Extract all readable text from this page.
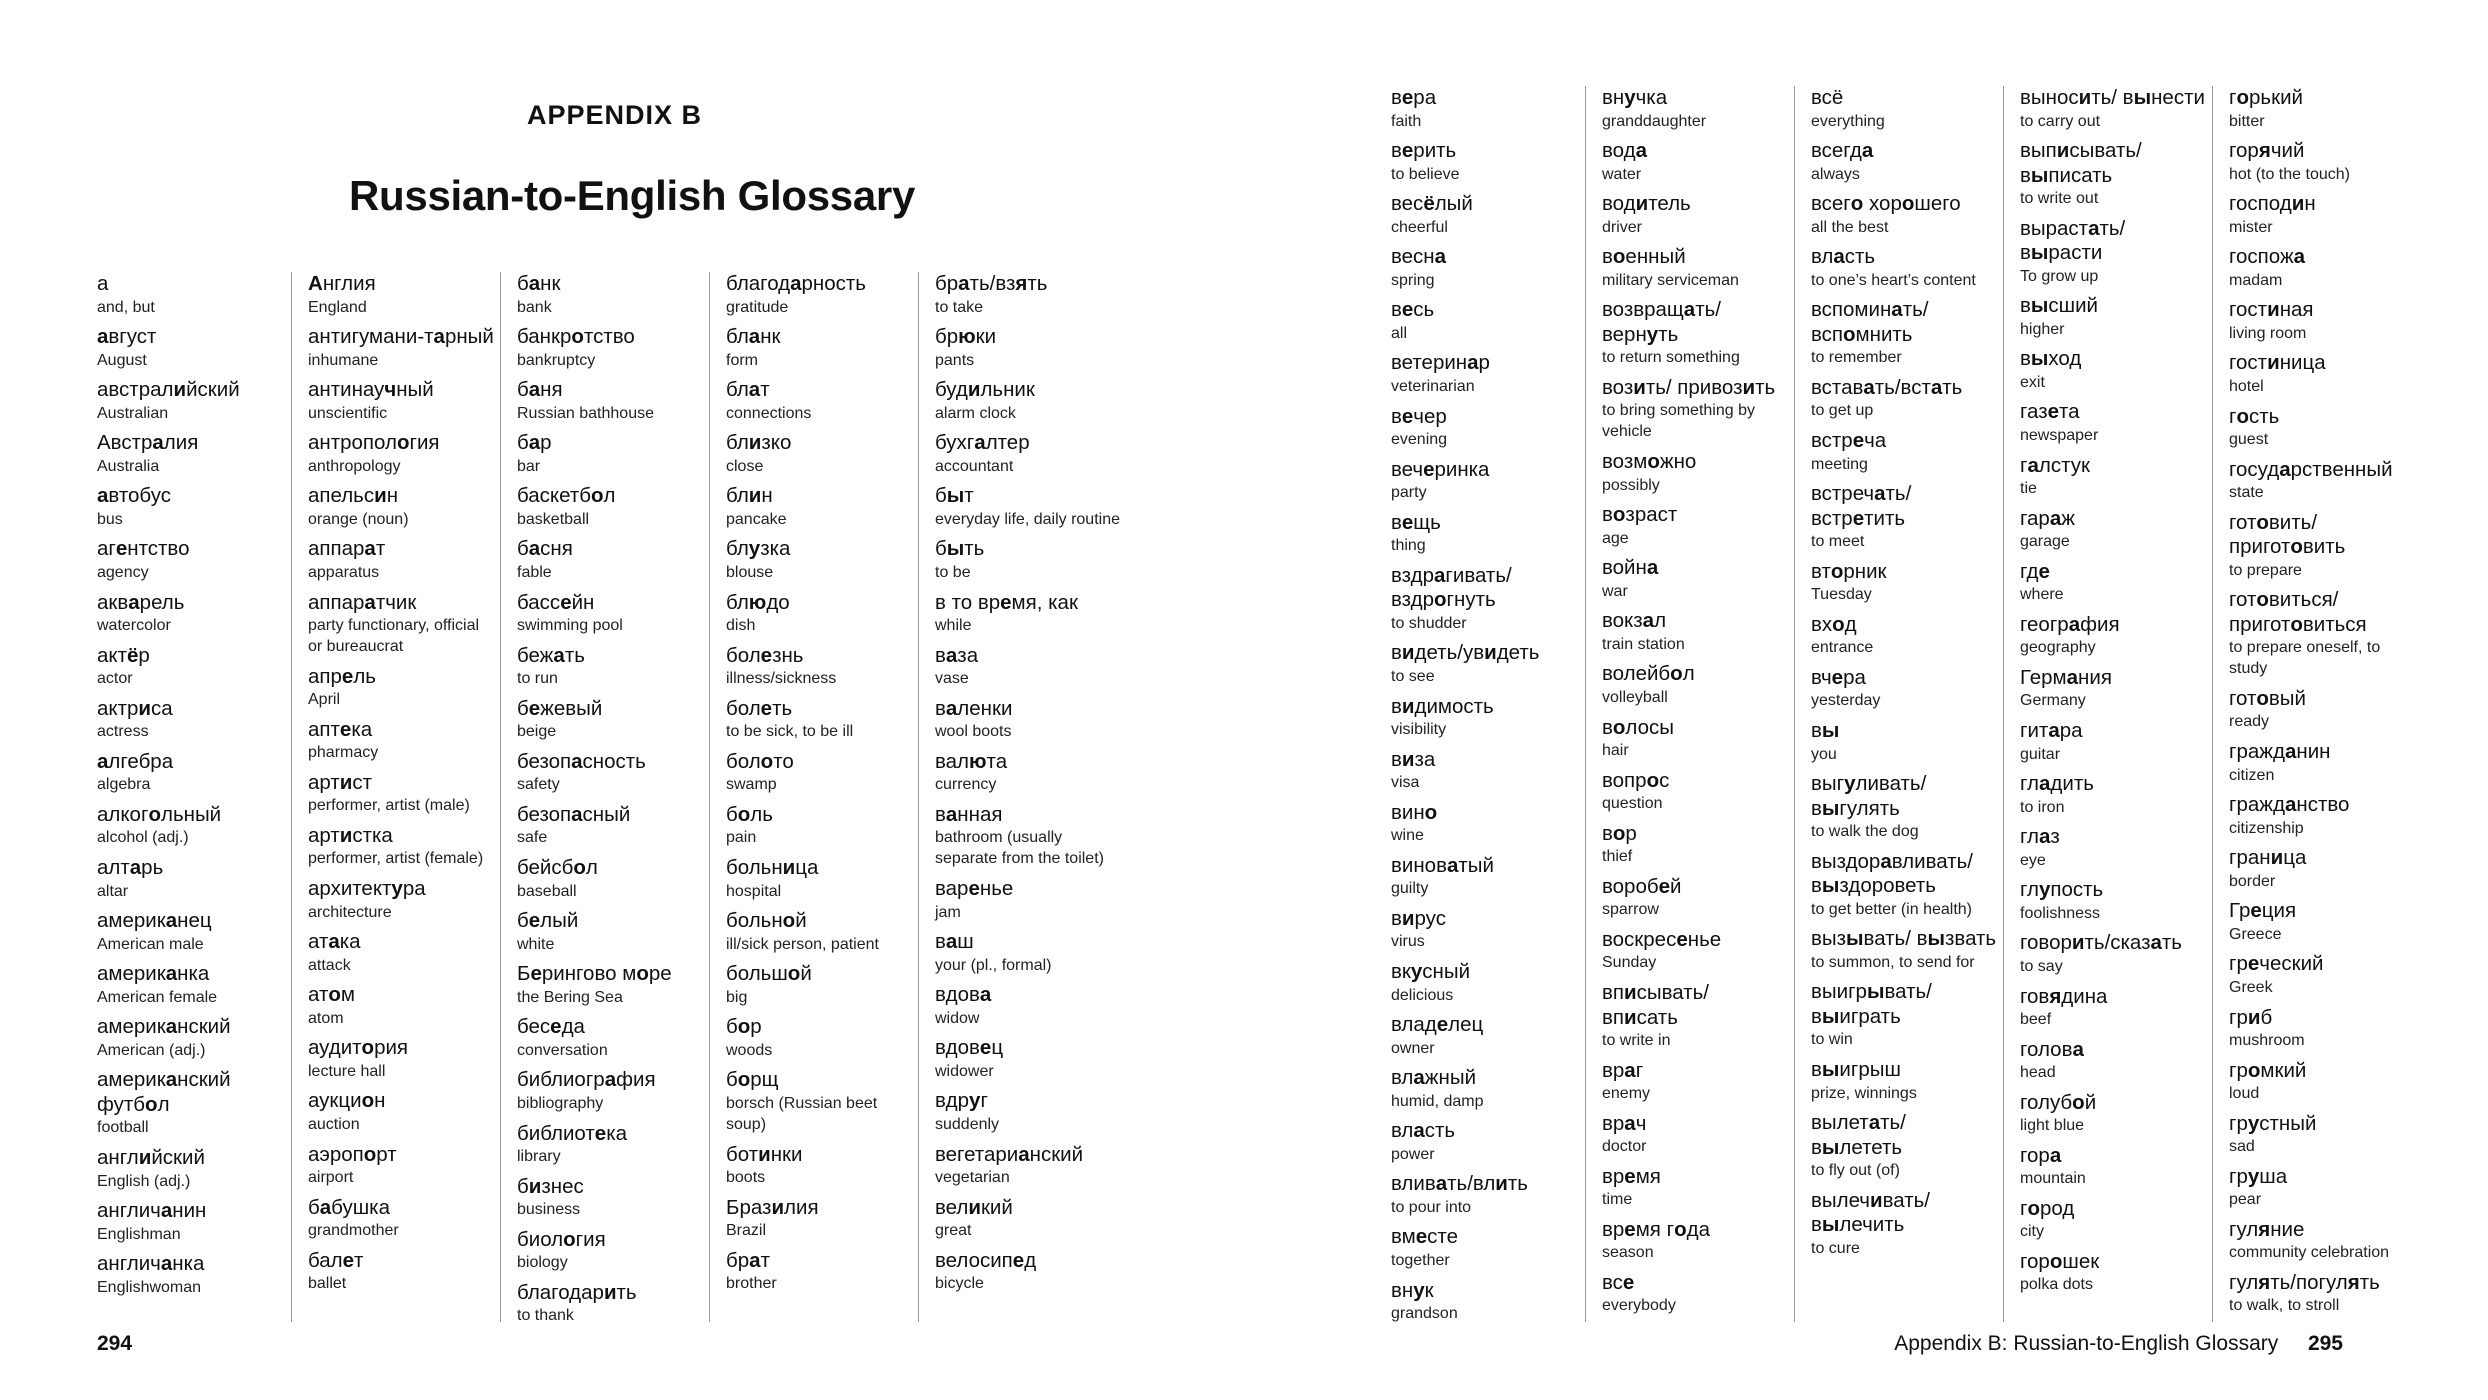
APPENDIX B
Russian-to-English Glossary
а
and, but
август
August
австралийский
Australian
Австралия
Australia
автобус
bus
агентство
agency
акварель
watercolor
актёр
actor
актриса
actress
алгебра
algebra
алкогольный
alcohol (adj.)
алтарь
altar
американец
American male
американка
American female
американский
American (adj.)
американский футбол
football
английский
English (adj.)
англичанин
Englishman
англичанка
Englishwoman
Англия
England
антигумани-тарный
inhumane
антинаучный
unscientific
антропология
anthropology
апельсин
orange (noun)
аппарат
apparatus
аппаратчик
party functionary, official or bureaucrat
апрель
April
аптека
pharmacy
артист
performer, artist (male)
артистка
performer, artist (female)
архитектура
architecture
атака
attack
атом
atom
аудитория
lecture hall
аукцион
auction
аэропорт
airport
бабушка
grandmother
балет
ballet
банк
bank
банкротство
bankruptcy
баня
Russian bathhouse
бар
bar
баскетбол
basketball
басня
fable
бассейн
swimming pool
бежать
to run
бежевый
beige
безопасность
safety
безопасный
safe
бейсбол
baseball
белый
white
Берингово море
the Bering Sea
беседа
conversation
библиография
bibliography
библиотека
library
бизнес
business
биология
biology
благодарить
to thank
благодарность
gratitude
бланк
form
блат
connections
близко
close
блин
pancake
блузка
blouse
блюдо
dish
болезнь
illness/sickness
болеть
to be sick, to be ill
болото
swamp
боль
pain
больница
hospital
больной
ill/sick person, patient
большой
big
бор
woods
борщ
borsch (Russian beet soup)
ботинки
boots
Бразилия
Brazil
брат
brother
брать/взять
to take
брюки
pants
будильник
alarm clock
бухгалтер
accountant
быт
everyday life, daily routine
быть
to be
в то время, как
while
ваза
vase
валенки
wool boots
валюта
currency
ванная
bathroom (usually separate from the toilet)
варенье
jam
ваш
your (pl., formal)
вдова
widow
вдовец
widower
вдруг
suddenly
вегетарианский
vegetarian
великий
great
велосипед
bicycle
вера
faith
верить
to believe
весёлый
cheerful
весна
spring
весь
all
ветеринар
veterinarian
вечер
evening
вечеринка
party
вещь
thing
вздрагивать/ вздрогнуть
to shudder
видеть/увидеть
to see
видимость
visibility
виза
visa
вино
wine
виноватый
guilty
вирус
virus
вкусный
delicious
владелец
owner
влажный
humid, damp
власть
power
вливать/влить
to pour into
вместе
together
внук
grandson
внучка
granddaughter
вода
water
водитель
driver
военный
military serviceman
возвращать/ вернуть
to return something
возить/ привозить
to bring something by vehicle
возможно
possibly
возраст
age
война
war
вокзал
train station
волейбол
volleyball
волосы
hair
вопрос
question
вор
thief
воробей
sparrow
воскресенье
Sunday
вписывать/ вписать
to write in
враг
enemy
врач
doctor
время
time
время года
season
все
everybody
всё
everything
всегда
always
всего хорошего
all the best
власть
to one’s heart’s content
вспоминать/ вспомнить
to remember
вставать/встать
to get up
встреча
meeting
встречать/ встретить
to meet
вторник
Tuesday
вход
entrance
вчера
yesterday
вы
you
выгуливать/ выгулять
to walk the dog
выздоравливать/ выздороветь
to get better (in health)
вызывать/ вызвать
to summon, to send for
выигрывать/ выиграть
to win
выигрыш
prize, winnings
вылетать/ вылететь
to fly out (of)
вылечивать/ вылечить
to cure
выносить/ вынести
to carry out
выписывать/ выписать
to write out
вырастать/ вырасти
To grow up
высший
higher
выход
exit
газета
newspaper
галстук
tie
гараж
garage
где
where
география
geography
Германия
Germany
гитара
guitar
гладить
to iron
глаз
eye
глупость
foolishness
говорить/сказать
to say
говядина
beef
голова
head
голубой
light blue
гора
mountain
город
city
горошек
polka dots
горький
bitter
горячий
hot (to the touch)
господин
mister
госпожа
madam
гостиная
living room
гостиница
hotel
гость
guest
государственный
state
готовить/ приготовить
to prepare
готовиться/ приготовиться
to prepare oneself, to study
готовый
ready
гражданин
citizen
гражданство
citizenship
граница
border
Греция
Greece
греческий
Greek
гриб
mushroom
громкий
loud
грустный
sad
груша
pear
гуляние
community celebration
гулять/погулять
to walk, to stroll
294	Appendix B: Russian-to-English Glossary 295
